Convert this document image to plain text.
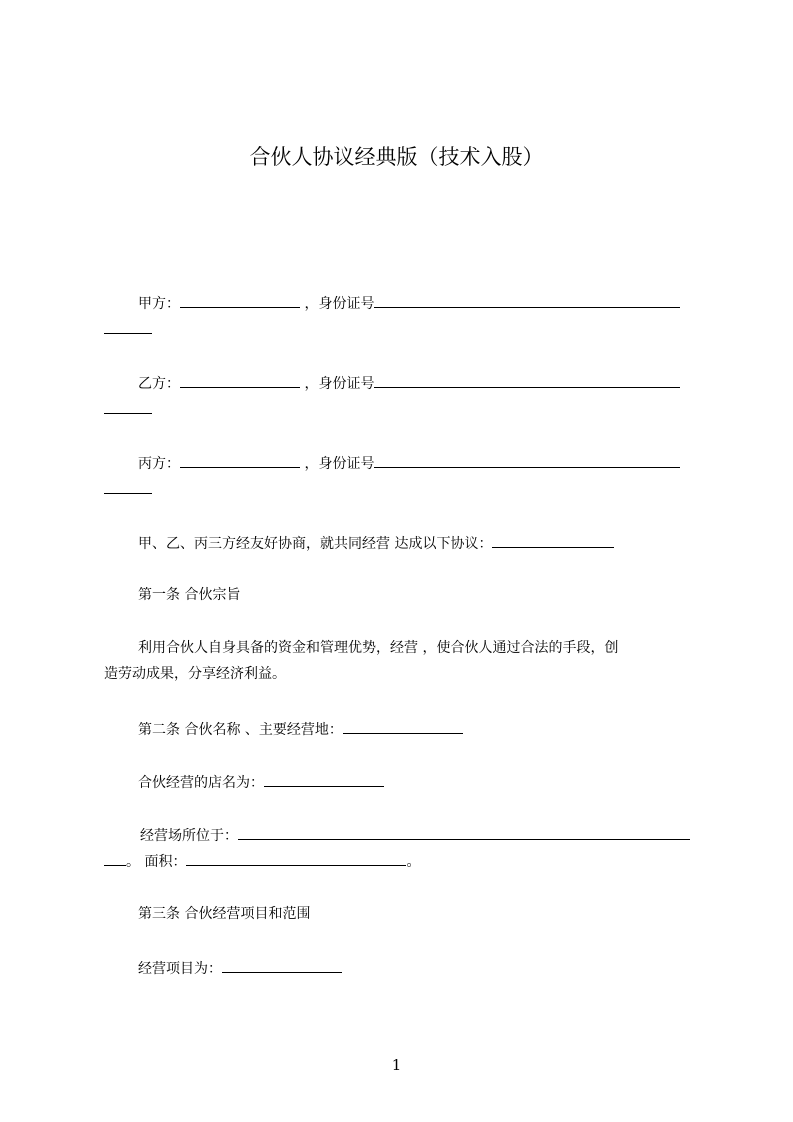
合伙人协议经典版（技术入股）
甲方：	，身份证号
乙方：	，身份证号
丙方：	，身份证号
甲、乙、丙三方经友好协商，就共同经营 达成以下协议：
第一条 合伙宗旨
利用合伙人自身具备的资金和管理优势，经营 ，使合伙人通过合法的手段，创
造劳动成果，分享经济利益。
第二条 合伙名称 、主要经营地：
合伙经营的店名为：
经营场所位于：
。 面积：	。
第三条 合伙经营项目和范围
经营项目为：
1
